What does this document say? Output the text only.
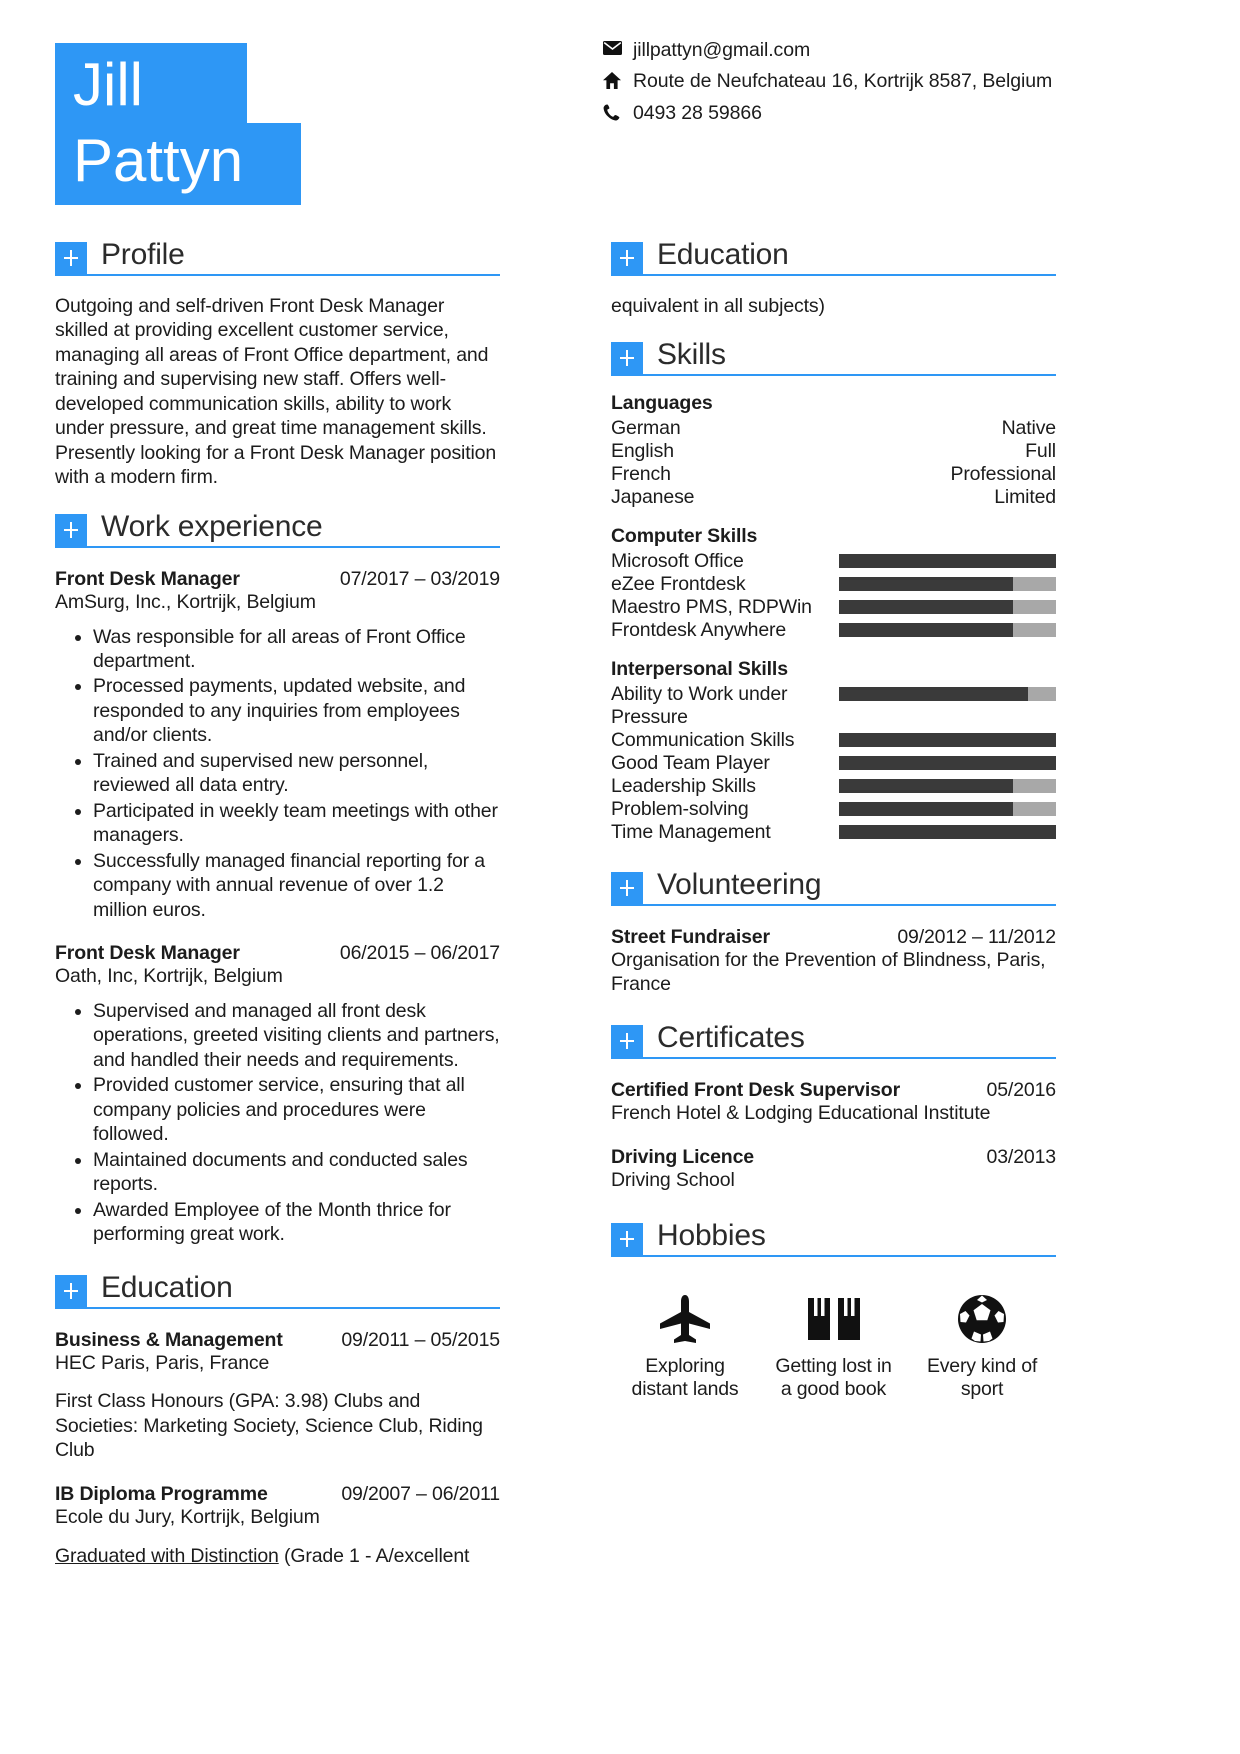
Jill
Pattyn
jillpattyn@gmail.com
Route de Neufchateau 16, Kortrijk 8587, Belgium
0493 28 59866
Profile
Outgoing and self-driven Front Desk Manager skilled at providing excellent customer service, managing all areas of Front Office department, and training and supervising new staff. Offers well-developed communication skills, ability to work under pressure, and great time management skills. Presently looking for a Front Desk Manager position with a modern firm.
Work experience
Front Desk Manager	07/2017 – 03/2019
AmSurg, Inc., Kortrijk, Belgium
• Was responsible for all areas of Front Office department.
• Processed payments, updated website, and responded to any inquiries from employees and/or clients.
• Trained and supervised new personnel, reviewed all data entry.
• Participated in weekly team meetings with other managers.
• Successfully managed financial reporting for a company with annual revenue of over 1.2 million euros.
Front Desk Manager	06/2015 – 06/2017
Oath, Inc, Kortrijk, Belgium
• Supervised and managed all front desk operations, greeted visiting clients and partners, and handled their needs and requirements.
• Provided customer service, ensuring that all company policies and procedures were followed.
• Maintained documents and conducted sales reports.
• Awarded Employee of the Month thrice for performing great work.
Education
Business & Management	09/2011 – 05/2015
HEC Paris, Paris, France
First Class Honours (GPA: 3.98) Clubs and Societies: Marketing Society, Science Club, Riding Club
IB Diploma Programme	09/2007 – 06/2011
Ecole du Jury, Kortrijk, Belgium
Graduated with Distinction (Grade 1 - A/excellent
Education
equivalent in all subjects)
Skills
Languages
German	Native
English	Full
French	Professional
Japanese	Limited
Computer Skills
Microsoft Office
eZee Frontdesk
Maestro PMS, RDPWin
Frontdesk Anywhere
Interpersonal Skills
Ability to Work under Pressure
Communication Skills
Good Team Player
Leadership Skills
Problem-solving
Time Management
Volunteering
Street Fundraiser	09/2012 – 11/2012
Organisation for the Prevention of Blindness, Paris, France
Certificates
Certified Front Desk Supervisor	05/2016
French Hotel & Lodging Educational Institute
Driving Licence	03/2013
Driving School
Hobbies
Exploring
distant lands
Getting lost in
a good book
Every kind of
sport
